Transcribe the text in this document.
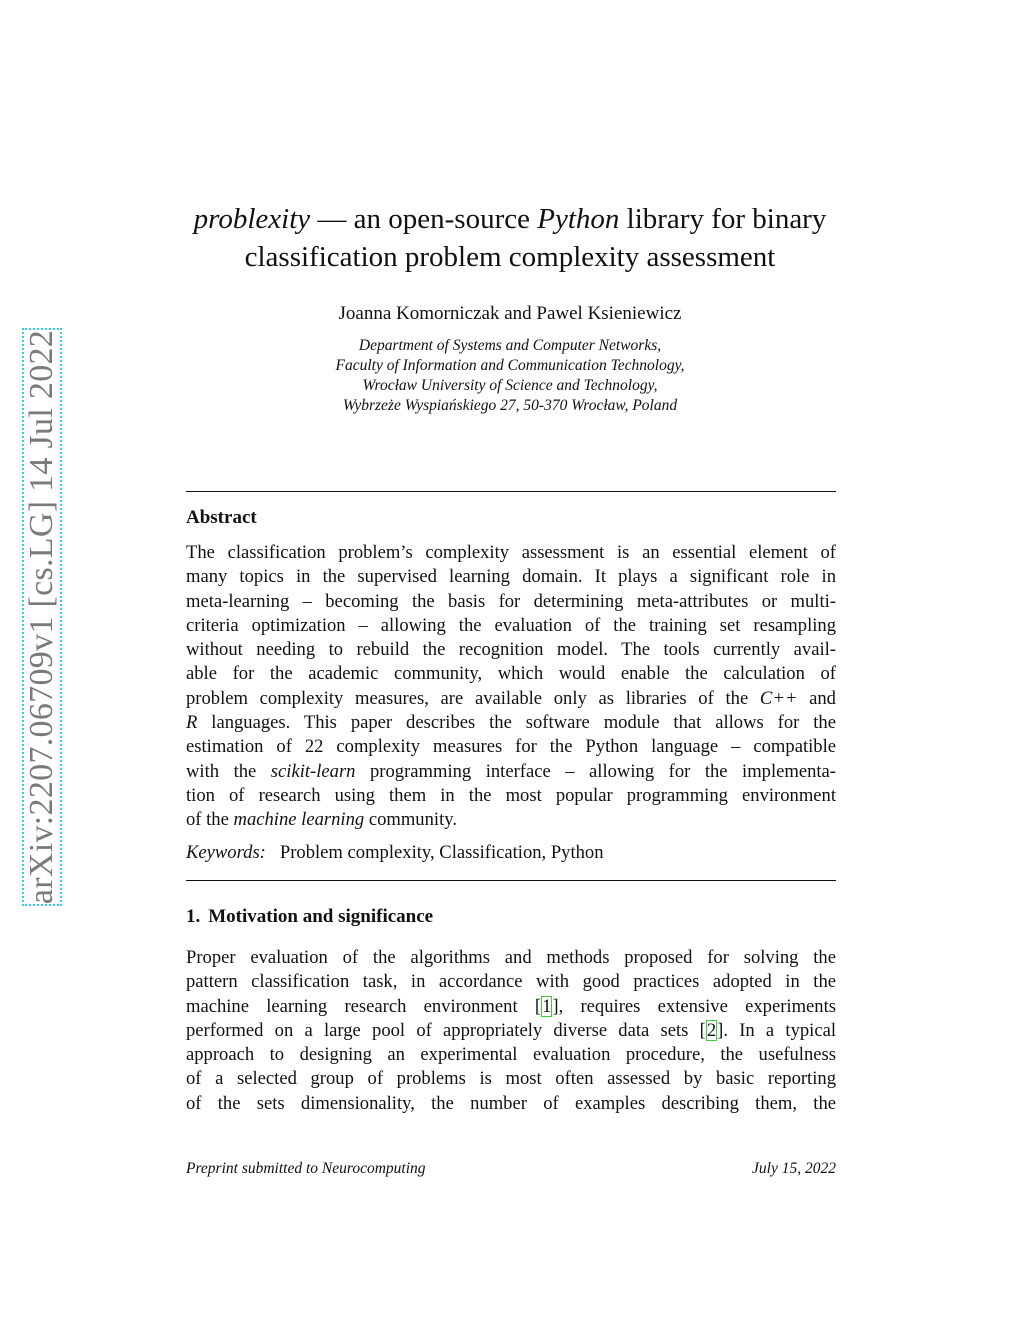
arXiv:2207.06709v1 [cs.LG] 14 Jul 2022
problexity — an open-source Python library for binary
classification problem complexity assessment
Joanna Komorniczak and Pawel Ksieniewicz
Department of Systems and Computer Networks,
Faculty of Information and Communication Technology,
Wrocław University of Science and Technology,
Wybrzeże Wyspiańskiego 27, 50-370 Wrocław, Poland
Abstract
The classification problem’s complexity assessment is an essential element of
many topics in the supervised learning domain. It plays a significant role in
meta-learning – becoming the basis for determining meta-attributes or multi-
criteria optimization – allowing the evaluation of the training set resampling
without needing to rebuild the recognition model. The tools currently avail-
able for the academic community, which would enable the calculation of
problem complexity measures, are available only as libraries of the C++ and
R languages. This paper describes the software module that allows for the
estimation of 22 complexity measures for the Python language – compatible
with the scikit-learn programming interface – allowing for the implementa-
tion of research using them in the most popular programming environment
of the machine learning community.
Keywords: Problem complexity, Classification, Python
1. Motivation and significance
Proper evaluation of the algorithms and methods proposed for solving the
pattern classification task, in accordance with good practices adopted in the
machine learning research environment [1], requires extensive experiments
performed on a large pool of appropriately diverse data sets [2]. In a typical
approach to designing an experimental evaluation procedure, the usefulness
of a selected group of problems is most often assessed by basic reporting
of the sets dimensionality, the number of examples describing them, the
Preprint submitted to Neurocomputing	July 15, 2022
